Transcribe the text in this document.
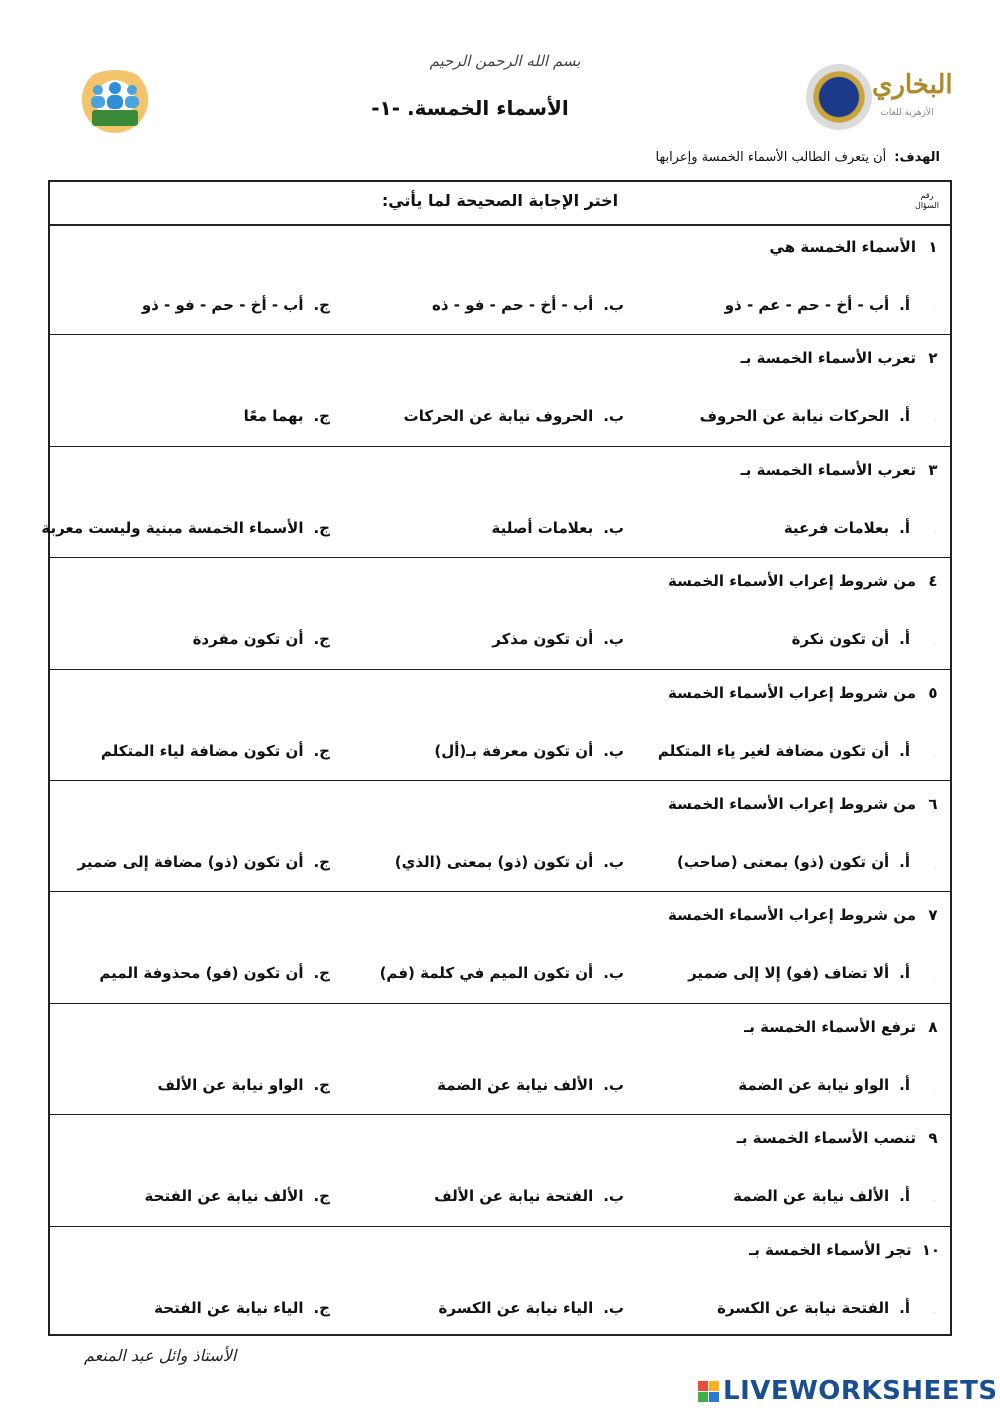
بسم الله الرحمن الرحيم
الأسماء الخمسة. -١-
البخاري
الأزهرية للغات
الهدف:أن يتعرف الطالب الأسماء الخمسة وإعرابها
رقم السؤال
اختر الإجابة الصحيحة لما يأتي:
١
الأسماء الخمسة هي
·
أ.
أب - أخ - حم - عم - ذو
ب.
أب - أخ - حم - فو - ذه
ج.
أب - أخ - حم - فو - ذو
٢
تعرب الأسماء الخمسة بـ
·
أ.
الحركات نيابة عن الحروف
ب.
الحروف نيابة عن الحركات
ج.
بهما معًا
٣
تعرب الأسماء الخمسة بـ
·
أ.
بعلامات فرعية
ب.
بعلامات أصلية
ج.
الأسماء الخمسة مبنية وليست معربة
٤
من شروط إعراب الأسماء الخمسة
·
أ.
أن تكون نكرة
ب.
أن تكون مذكر
ج.
أن تكون مفردة
٥
من شروط إعراب الأسماء الخمسة
·
أ.
أن تكون مضافة لغير ياء المتكلم
ب.
أن تكون معرفة بـ(أل)
ج.
أن تكون مضافة لياء المتكلم
٦
من شروط إعراب الأسماء الخمسة
·
أ.
أن تكون (ذو) بمعنى (صاحب)
ب.
أن تكون (ذو) بمعنى (الذي)
ج.
أن تكون (ذو) مضافة إلى ضمير
٧
من شروط إعراب الأسماء الخمسة
·
أ.
ألا تضاف (فو) إلا إلى ضمير
ب.
أن تكون الميم في كلمة (فم)
ج.
أن تكون (فو) محذوفة الميم
٨
ترفع الأسماء الخمسة بـ
·
أ.
الواو نيابة عن الضمة
ب.
الألف نيابة عن الضمة
ج.
الواو نيابة عن الألف
٩
تنصب الأسماء الخمسة بـ
·
أ.
الألف نيابة عن الضمة
ب.
الفتحة نيابة عن الألف
ج.
الألف نيابة عن الفتحة
١٠
تجر الأسماء الخمسة بـ
·
أ.
الفتحة نيابة عن الكسرة
ب.
الياء نيابة عن الكسرة
ج.
الياء نيابة عن الفتحة
الأستاذ وائل عبد المنعم
LIVEWORKSHEETS
